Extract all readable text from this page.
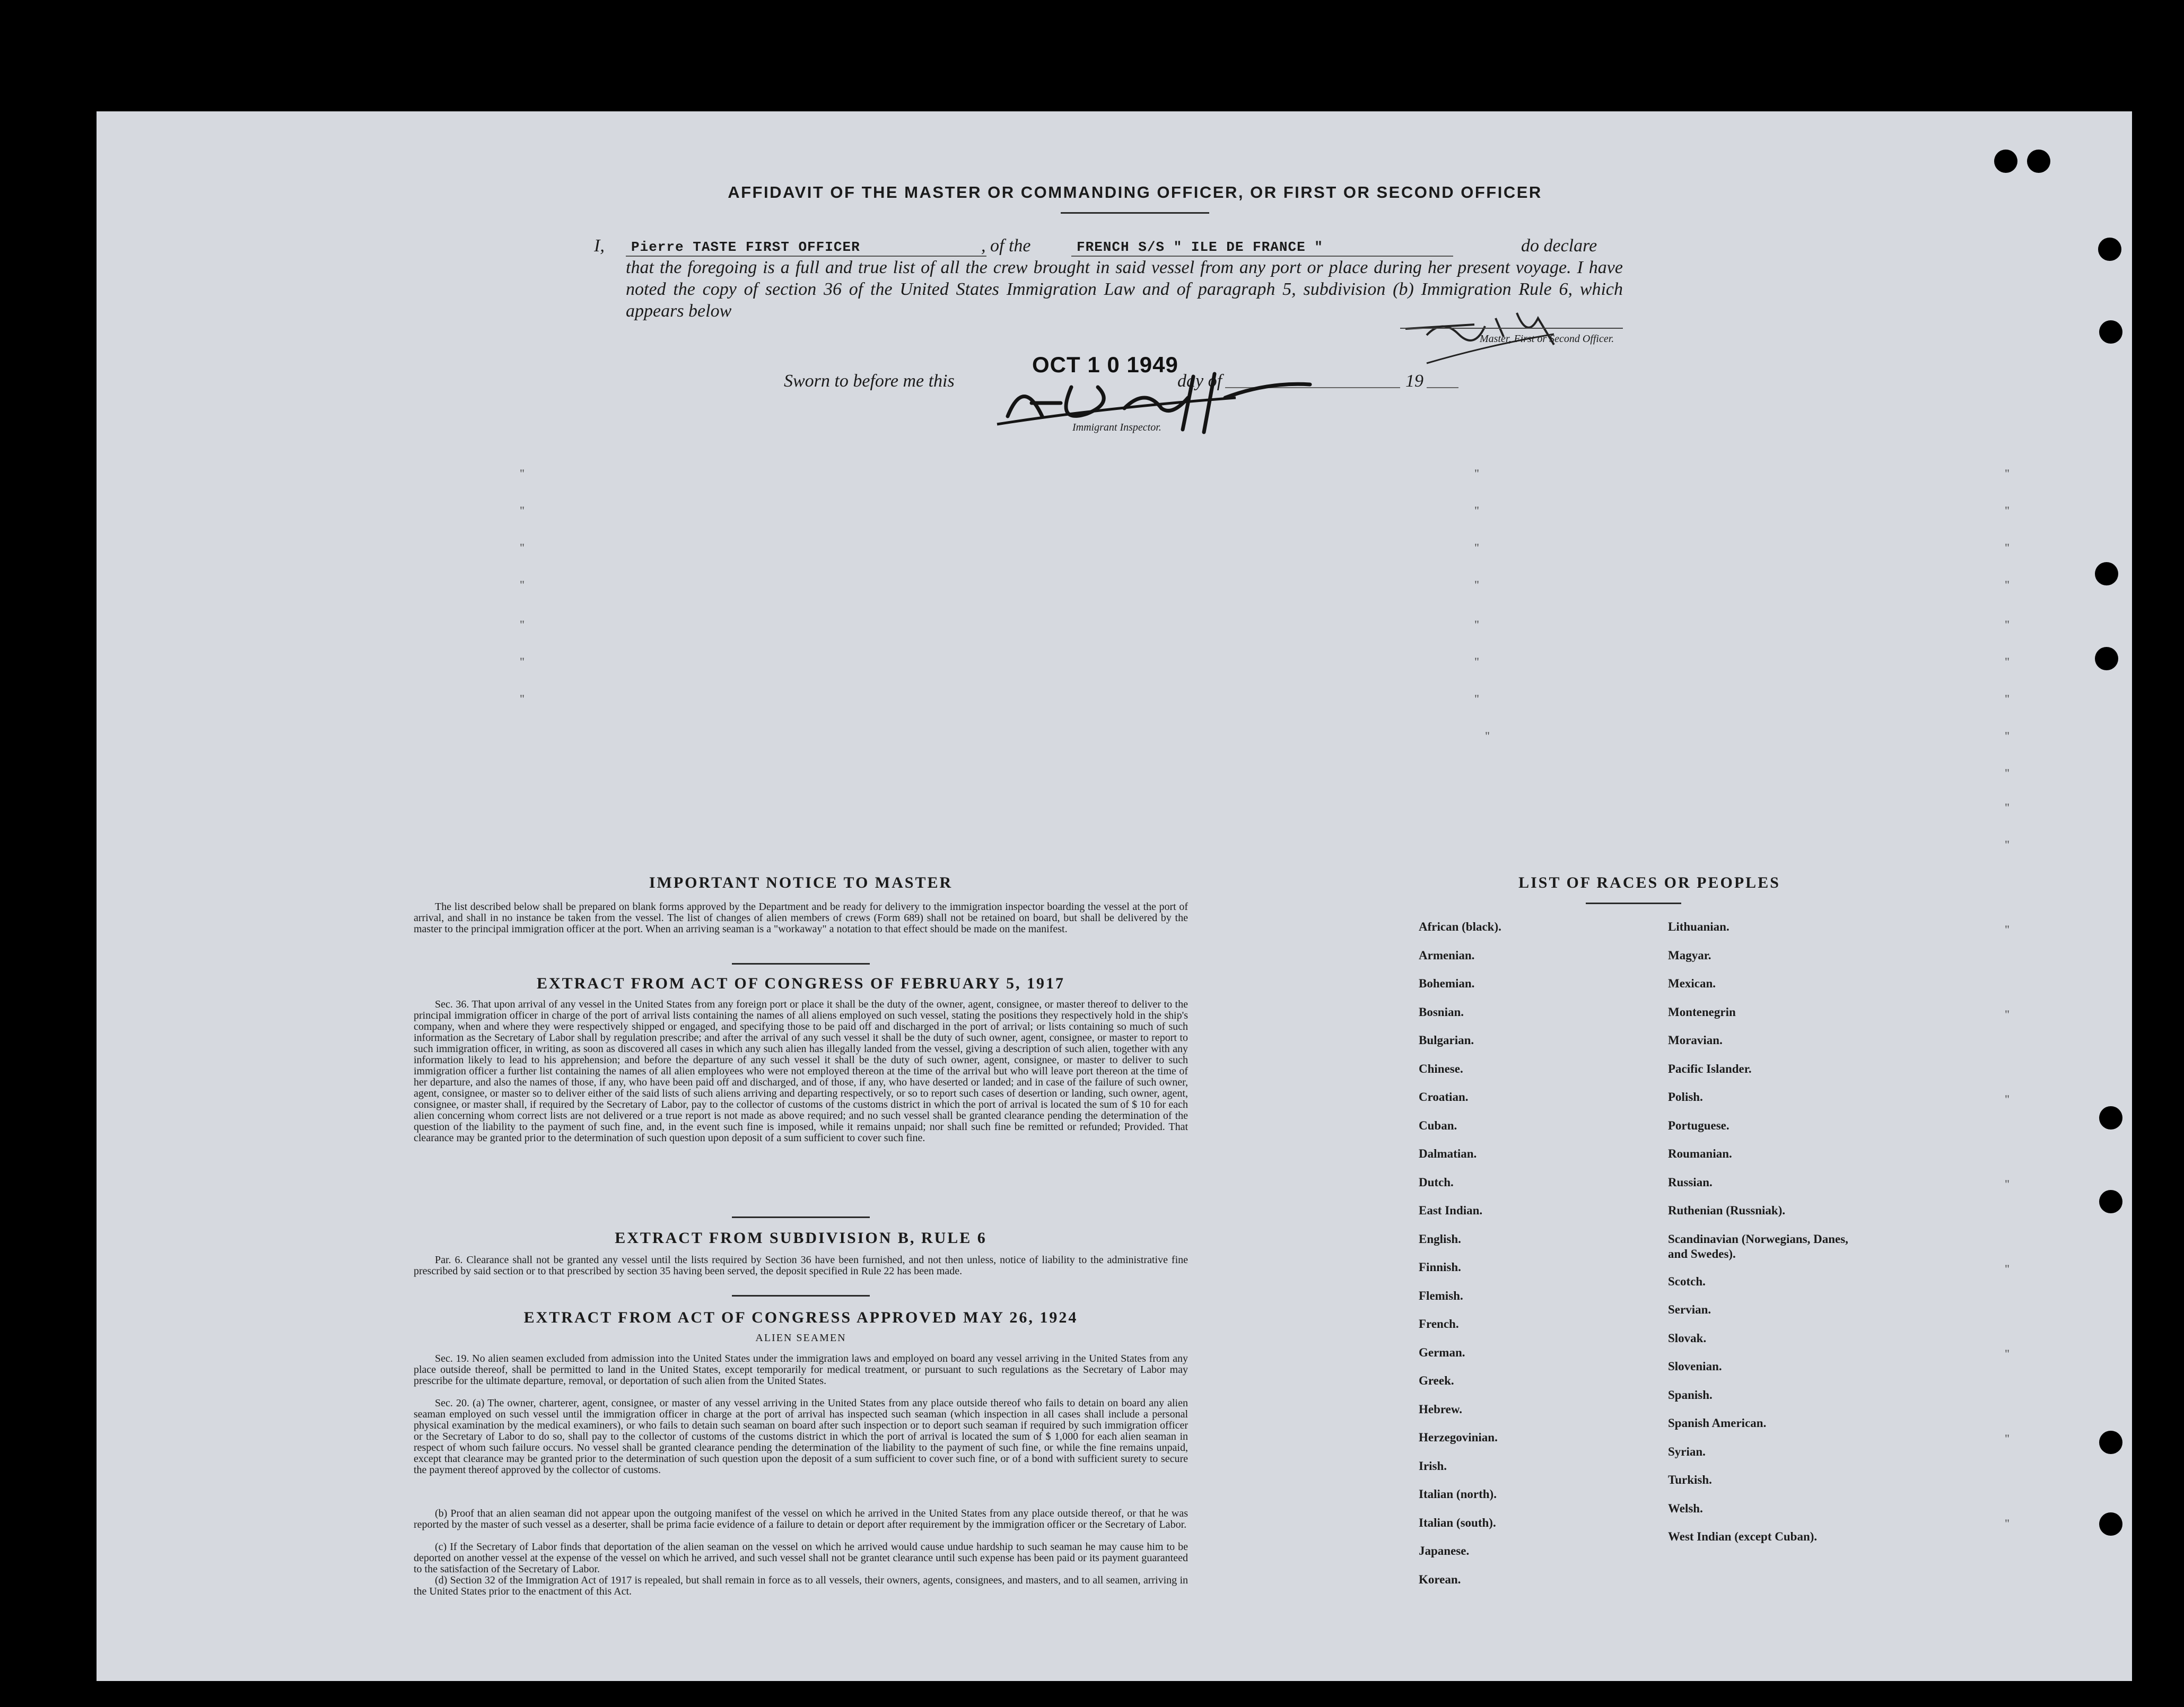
AFFIDAVIT OF THE MASTER OR COMMANDING OFFICER, OR FIRST OR SECOND OFFICER
I, Pierre TASTE FIRST OFFICER	, of the	FRENCH S/S " ILE DE FRANCE "	do declare
that the foregoing is a full and true list of all the crew brought in said vessel from any port or place during her present voyage. I have noted the copy of section 36 of the United States Immigration Law and of paragraph 5, subdivision (b) Immigration Rule 6, which appears below
Master, First or Second Officer.
Sworn to before me this
OCT 1 0 1949
day of	19
Immigrant Inspector.
"	"	"
"	"	"
"	"	"
"	"	"
"	"	"
"	"	"
"	"	"
"	"
"
"
"
"
"
"
"
"
"
"
"
IMPORTANT NOTICE TO MASTER
The list described below shall be prepared on blank forms approved by the Department and be ready for delivery to the immigration inspector boarding the vessel at the port of arrival, and shall in no instance be taken from the vessel. The list of changes of alien members of crews (Form 689) shall not be retained on board, but shall be delivered by the master to the principal immigration officer at the port. When an arriving seaman is a "workaway" a notation to that effect should be made on the manifest.
EXTRACT FROM ACT OF CONGRESS OF FEBRUARY 5, 1917
Sec. 36. That upon arrival of any vessel in the United States from any foreign port or place it shall be the duty of the owner, agent, consignee, or master thereof to deliver to the principal immigration officer in charge of the port of arrival lists containing the names of all aliens employed on such vessel, stating the positions they respectively hold in the ship's company, when and where they were respectively shipped or engaged, and specifying those to be paid off and discharged in the port of arrival; or lists containing so much of such information as the Secretary of Labor shall by regulation prescribe; and after the arrival of any such vessel it shall be the duty of such owner, agent, consignee, or master to report to such immigration officer, in writing, as soon as discovered all cases in which any such alien has illegally landed from the vessel, giving a description of such alien, together with any information likely to lead to his apprehension; and before the departure of any such vessel it shall be the duty of such owner, agent, consignee, or master to deliver to such immigration officer a further list containing the names of all alien employees who were not employed thereon at the time of the arrival but who will leave port thereon at the time of her departure, and also the names of those, if any, who have been paid off and discharged, and of those, if any, who have deserted or landed; and in case of the failure of such owner, agent, consignee, or master so to deliver either of the said lists of such aliens arriving and departing respectively, or so to report such cases of desertion or landing, such owner, agent, consignee, or master shall, if required by the Secretary of Labor, pay to the collector of customs of the customs district in which the port of arrival is located the sum of $ 10 for each alien concerning whom correct lists are not delivered or a true report is not made as above required; and no such vessel shall be granted clearance pending the determination of the question of the liability to the payment of such fine, and, in the event such fine is imposed, while it remains unpaid; nor shall such fine be remitted or refunded; Provided. That clearance may be granted prior to the determination of such question upon deposit of a sum sufficient to cover such fine.
EXTRACT FROM SUBDIVISION B, RULE 6
Par. 6. Clearance shall not be granted any vessel until the lists required by Section 36 have been furnished, and not then unless, notice of liability to the administrative fine prescribed by said section or to that prescribed by section 35 having been served, the deposit specified in Rule 22 has been made.
EXTRACT FROM ACT OF CONGRESS APPROVED MAY 26, 1924
ALIEN SEAMEN
Sec. 19. No alien seamen excluded from admission into the United States under the immigration laws and employed on board any vessel arriving in the United States from any place outside thereof, shall be permitted to land in the United States, except temporarily for medical treatment, or pursuant to such regulations as the Secretary of Labor may prescribe for the ultimate departure, removal, or deportation of such alien from the United States.
Sec. 20. (a) The owner, charterer, agent, consignee, or master of any vessel arriving in the United States from any place outside thereof who fails to detain on board any alien seaman employed on such vessel until the immigration officer in charge at the port of arrival has inspected such seaman (which inspection in all cases shall include a personal physical examination by the medical examiners), or who fails to detain such seaman on board after such inspection or to deport such seaman if required by such immigration officer or the Secretary of Labor to do so, shall pay to the collector of customs of the customs district in which the port of arrival is located the sum of $ 1,000 for each alien seaman in respect of whom such failure occurs. No vessel shall be granted clearance pending the determination of the liability to the payment of such fine, or while the fine remains unpaid, except that clearance may be granted prior to the determination of such question upon the deposit of a sum sufficient to cover such fine, or of a bond with sufficient surety to secure the payment thereof approved by the collector of customs.
(b) Proof that an alien seaman did not appear upon the outgoing manifest of the vessel on which he arrived in the United States from any place outside thereof, or that he was reported by the master of such vessel as a deserter, shall be prima facie evidence of a failure to detain or deport after requirement by the immigration officer or the Secretary of Labor.
(c) If the Secretary of Labor finds that deportation of the alien seaman on the vessel on which he arrived would cause undue hardship to such seaman he may cause him to be deported on another vessel at the expense of the vessel on which he arrived, and such vessel shall not be grantet clearance until such expense has been paid or its payment guaranteed to the satisfaction of the Secretary of Labor.
(d) Section 32 of the Immigration Act of 1917 is repealed, but shall remain in force as to all vessels, their owners, agents, consignees, and masters, and to all seamen, arriving in the United States prior to the enactment of this Act.
LIST OF RACES OR PEOPLES
African (black).
Armenian.
Bohemian.
Bosnian.
Bulgarian.
Chinese.
Croatian.
Cuban.
Dalmatian.
Dutch.
East Indian.
English.
Finnish.
Flemish.
French.
German.
Greek.
Hebrew.
Herzegovinian.
Irish.
Italian (north).
Italian (south).
Japanese.
Korean.
Lithuanian.
Magyar.
Mexican.
Montenegrin
Moravian.
Pacific Islander.
Polish.
Portuguese.
Roumanian.
Russian.
Ruthenian (Russniak).
Scandinavian (Norwegians, Danes, and Swedes).
Scotch.
Servian.
Slovak.
Slovenian.
Spanish.
Spanish American.
Syrian.
Turkish.
Welsh.
West Indian (except Cuban).
